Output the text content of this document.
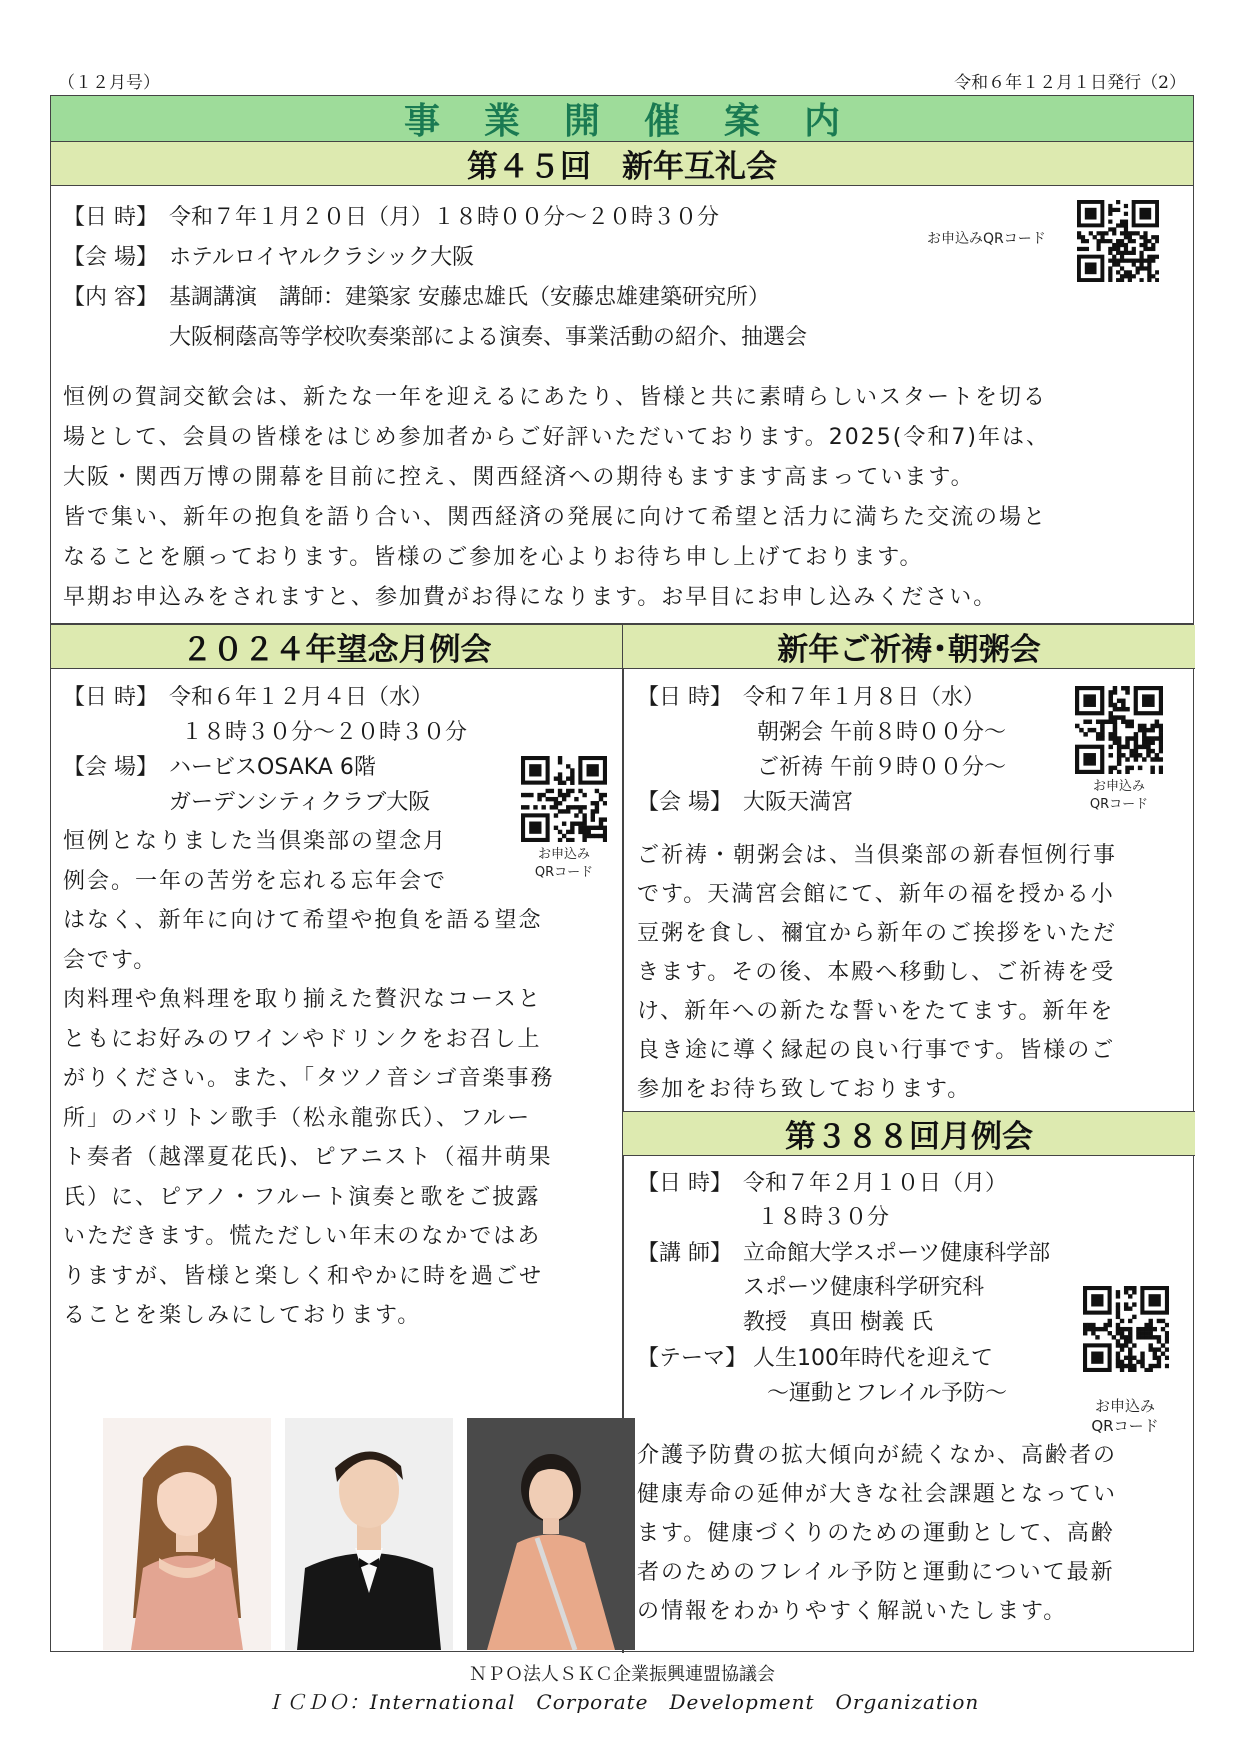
（１２月号）	令和６年１２月１日発行（2）
事業開催案内
第４５回　新年互礼会
【日 時】 令和７年１月２０日（月）１８時００分～２０時３０分
【会 場】 ホテルロイヤルクラシック大阪
【内 容】 基調講演　講師：建築家 安藤忠雄氏（安藤忠雄建築研究所）
大阪桐蔭高等学校吹奏楽部による演奏、事業活動の紹介、抽選会
お申込みQRコード
恒例の賀詞交歓会は、新たな一年を迎えるにあたり、皆様と共に素晴らしいスタートを切る
場として、会員の皆様をはじめ参加者からご好評いただいております。2025(令和7)年は、
大阪・関西万博の開幕を目前に控え、関西経済への期待もますます高まっています。
皆で集い、新年の抱負を語り合い、関西経済の発展に向けて希望と活力に満ちた交流の場と
なることを願っております。皆様のご参加を心よりお待ち申し上げております。
早期お申込みをされますと、参加費がお得になります。お早目にお申し込みください。
２０２４年望念月例会
【日 時】 令和６年１２月４日（水）
１８時３０分～２０時３０分
【会 場】 ハービスOSAKA 6階
ガーデンシティクラブ大阪
お申込み
QRコード
恒例となりました当倶楽部の望念月
例会。一年の苦労を忘れる忘年会で
はなく、新年に向けて希望や抱負を語る望念
会です。
肉料理や魚料理を取り揃えた贅沢なコースと
ともにお好みのワインやドリンクをお召し上
がりください。また、「タツノ音シゴ音楽事務
所」のバリトン歌手（松永龍弥氏）、フルー
ト奏者（越澤夏花氏)、ピアニスト（福井萌果
氏）に、ピアノ・フルート演奏と歌をご披露
いただきます。慌ただしい年末のなかではあ
りますが、皆様と楽しく和やかに時を過ごせ
ることを楽しみにしております。
新年ご祈祷･朝粥会
【日 時】 令和７年１月８日（水）
朝粥会 午前８時００分～
ご祈祷 午前９時００分～
【会 場】 大阪天満宮
お申込み
QRコード
ご祈祷・朝粥会は、当倶楽部の新春恒例行事
です。天満宮会館にて、新年の福を授かる小
豆粥を食し、禰宜から新年のご挨拶をいただ
きます。その後、本殿へ移動し、ご祈祷を受
け、新年への新たな誓いをたてます。新年を
良き途に導く縁起の良い行事です。皆様のご
参加をお待ち致しております。
第３８８回月例会
【日 時】 令和７年２月１０日（月）
１８時３０分
【講 師】 立命館大学スポーツ健康科学部
スポーツ健康科学研究科
教授　真田 樹義 氏
【テーマ】 人生100年時代を迎えて
～運動とフレイル予防～	お申込み
QRコード
介護予防費の拡大傾向が続くなか、高齢者の
健康寿命の延伸が大きな社会課題となってい
ます。健康づくりのための運動として、高齢
者のためのフレイル予防と運動について最新
の情報をわかりやすく解説いたします。
ＮＰＯ法人ＳＫＣ企業振興連盟協議会
ＩＣＤＯ：International　Corporate　Development　Organization
